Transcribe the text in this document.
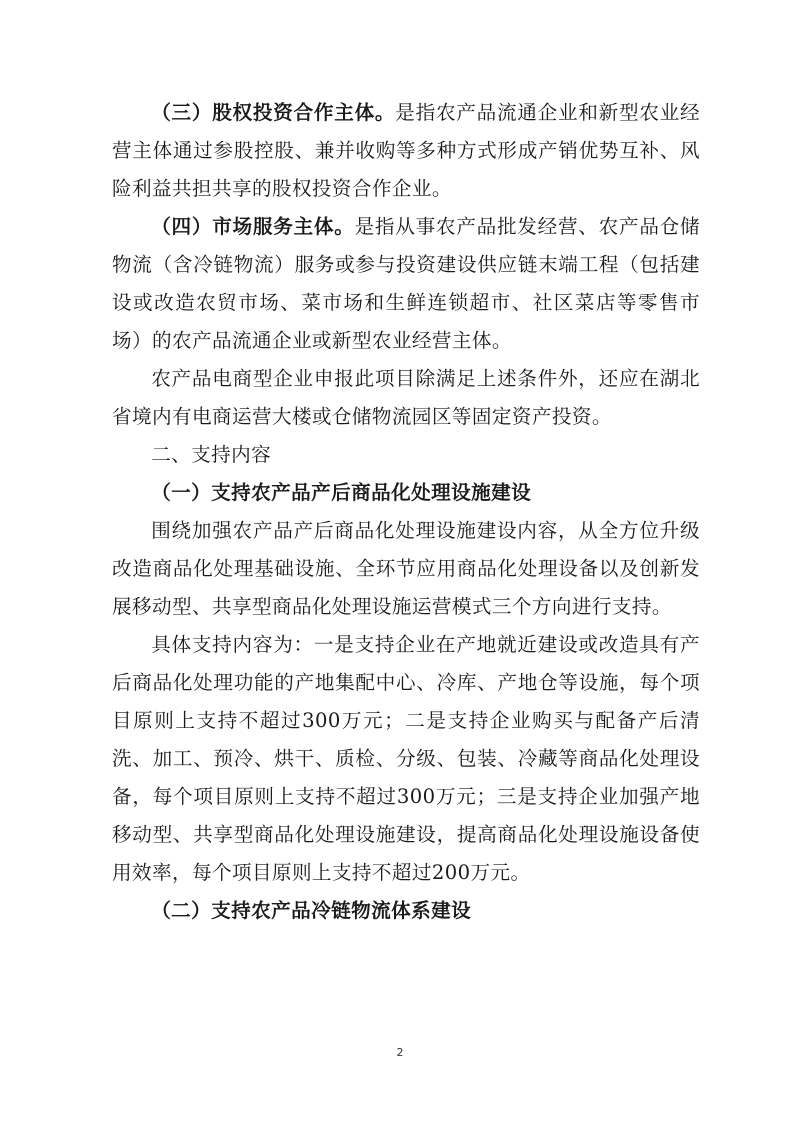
（三）股权投资合作主体。是指农产品流通企业和新型农业经营主体通过参股控股、兼并收购等多种方式形成产销优势互补、风险利益共担共享的股权投资合作企业。

（四）市场服务主体。是指从事农产品批发经营、农产品仓储物流（含冷链物流）服务或参与投资建设供应链末端工程（包括建设或改造农贸市场、菜市场和生鲜连锁超市、社区菜店等零售市场）的农产品流通企业或新型农业经营主体。

农产品电商型企业申报此项目除满足上述条件外，还应在湖北省境内有电商运营大楼或仓储物流园区等固定资产投资。

二、支持内容

（一）支持农产品产后商品化处理设施建设

围绕加强农产品产后商品化处理设施建设内容，从全方位升级改造商品化处理基础设施、全环节应用商品化处理设备以及创新发展移动型、共享型商品化处理设施运营模式三个方向进行支持。

具体支持内容为：一是支持企业在产地就近建设或改造具有产后商品化处理功能的产地集配中心、冷库、产地仓等设施，每个项目原则上支持不超过300万元；二是支持企业购买与配备产后清洗、加工、预冷、烘干、质检、分级、包装、冷藏等商品化处理设备，每个项目原则上支持不超过300万元；三是支持企业加强产地移动型、共享型商品化处理设施建设，提高商品化处理设施设备使用效率，每个项目原则上支持不超过200万元。

（二）支持农产品冷链物流体系建设

2
